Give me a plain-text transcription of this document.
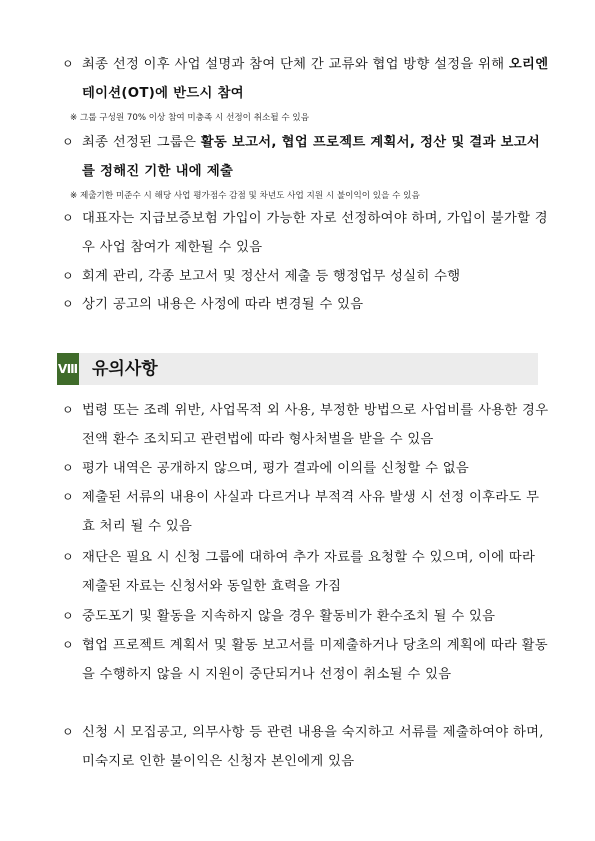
ㅇ 최종 선정 이후 사업 설명과 참여 단체 간 교류와 협업 방향 설정을 위해 오리엔테이션(OT)에 반드시 참여
※ 그룹 구성원 70% 이상 참여 미충족 시 선정이 취소될 수 있음
ㅇ 최종 선정된 그룹은 활동 보고서, 협업 프로젝트 계획서, 정산 및 결과 보고서를 정해진 기한 내에 제출
※ 제출기한 미준수 시 해당 사업 평가점수 감점 및 차년도 사업 지원 시 불이익이 있을 수 있음
ㅇ 대표자는 지급보증보험 가입이 가능한 자로 선정하여야 하며, 가입이 불가할 경우 사업 참여가 제한될 수 있음
ㅇ 회계 관리, 각종 보고서 및 정산서 제출 등 행정업무 성실히 수행
ㅇ 상기 공고의 내용은 사정에 따라 변경될 수 있음
Ⅷ 유의사항
ㅇ 법령 또는 조례 위반, 사업목적 외 사용, 부정한 방법으로 사업비를 사용한 경우 전액 환수 조치되고 관련법에 따라 형사처벌을 받을 수 있음
ㅇ 평가 내역은 공개하지 않으며, 평가 결과에 이의를 신청할 수 없음
ㅇ 제출된 서류의 내용이 사실과 다르거나 부적격 사유 발생 시 선정 이후라도 무효 처리 될 수 있음
ㅇ 재단은 필요 시 신청 그룹에 대하여 추가 자료를 요청할 수 있으며, 이에 따라 제출된 자료는 신청서와 동일한 효력을 가짐
ㅇ 중도포기 및 활동을 지속하지 않을 경우 활동비가 환수조치 될 수 있음
ㅇ 협업 프로젝트 계획서 및 활동 보고서를 미제출하거나 당초의 계획에 따라 활동을 수행하지 않을 시 지원이 중단되거나 선정이 취소될 수 있음
ㅇ 신청 시 모집공고, 의무사항 등 관련 내용을 숙지하고 서류를 제출하여야 하며, 미숙지로 인한 불이익은 신청자 본인에게 있음
